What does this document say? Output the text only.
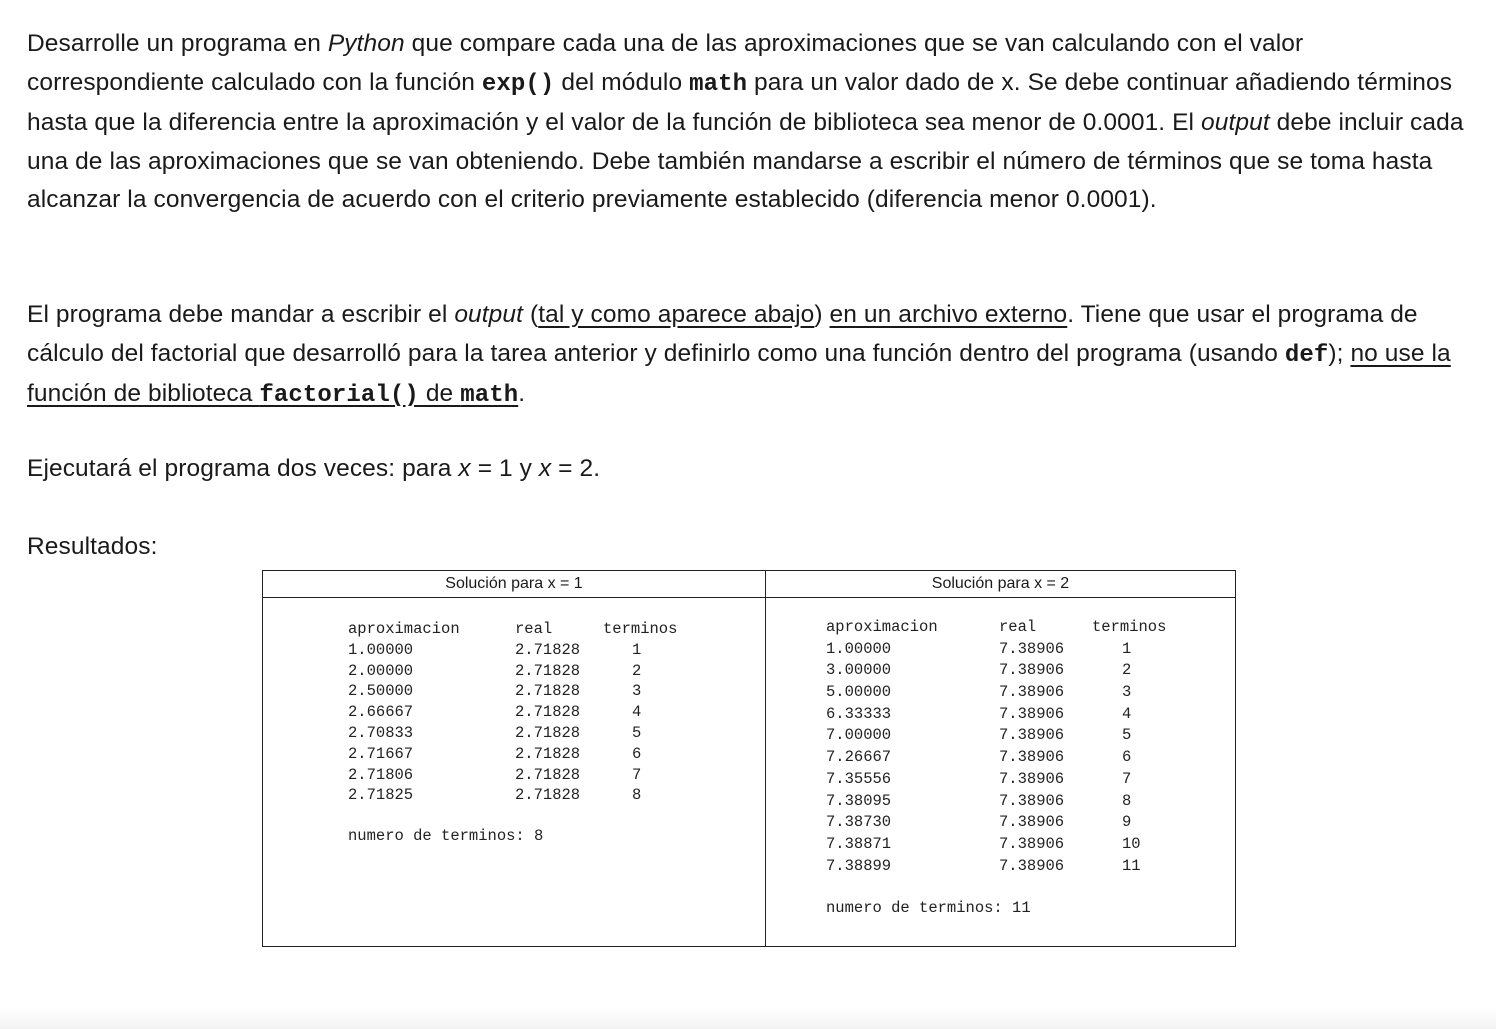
Desarrolle un programa en Python que compare cada una de las aproximaciones que se van calculando con el valor correspondiente calculado con la función exp() del módulo math para un valor dado de x. Se debe continuar añadiendo términos hasta que la diferencia entre la aproximación y el valor de la función de biblioteca sea menor de 0.0001. El output debe incluir cada una de las aproximaciones que se van obteniendo. Debe también mandarse a escribir el número de términos que se toma hasta alcanzar la convergencia de acuerdo con el criterio previamente establecido (diferencia menor 0.0001).
El programa debe mandar a escribir el output (tal y como aparece abajo) en un archivo externo. Tiene que usar el programa de cálculo del factorial que desarrolló para la tarea anterior y definirlo como una función dentro del programa (usando def); no use la función de biblioteca factorial() de math.
Ejecutará el programa dos veces: para x = 1 y x = 2.
Resultados:
Solución para x = 1	Solución para x = 2
aproximacion	real	terminos
1.00000	2.71828	1
2.00000	2.71828	2
2.50000	2.71828	3
2.66667	2.71828	4
2.70833	2.71828	5
2.71667	2.71828	6
2.71806	2.71828	7
2.71825	2.71828	8
numero de terminos: 8
aproximacion	real	terminos
1.00000	7.38906	1
3.00000	7.38906	2
5.00000	7.38906	3
6.33333	7.38906	4
7.00000	7.38906	5
7.26667	7.38906	6
7.35556	7.38906	7
7.38095	7.38906	8
7.38730	7.38906	9
7.38871	7.38906	10
7.38899	7.38906	11
numero de terminos: 11
